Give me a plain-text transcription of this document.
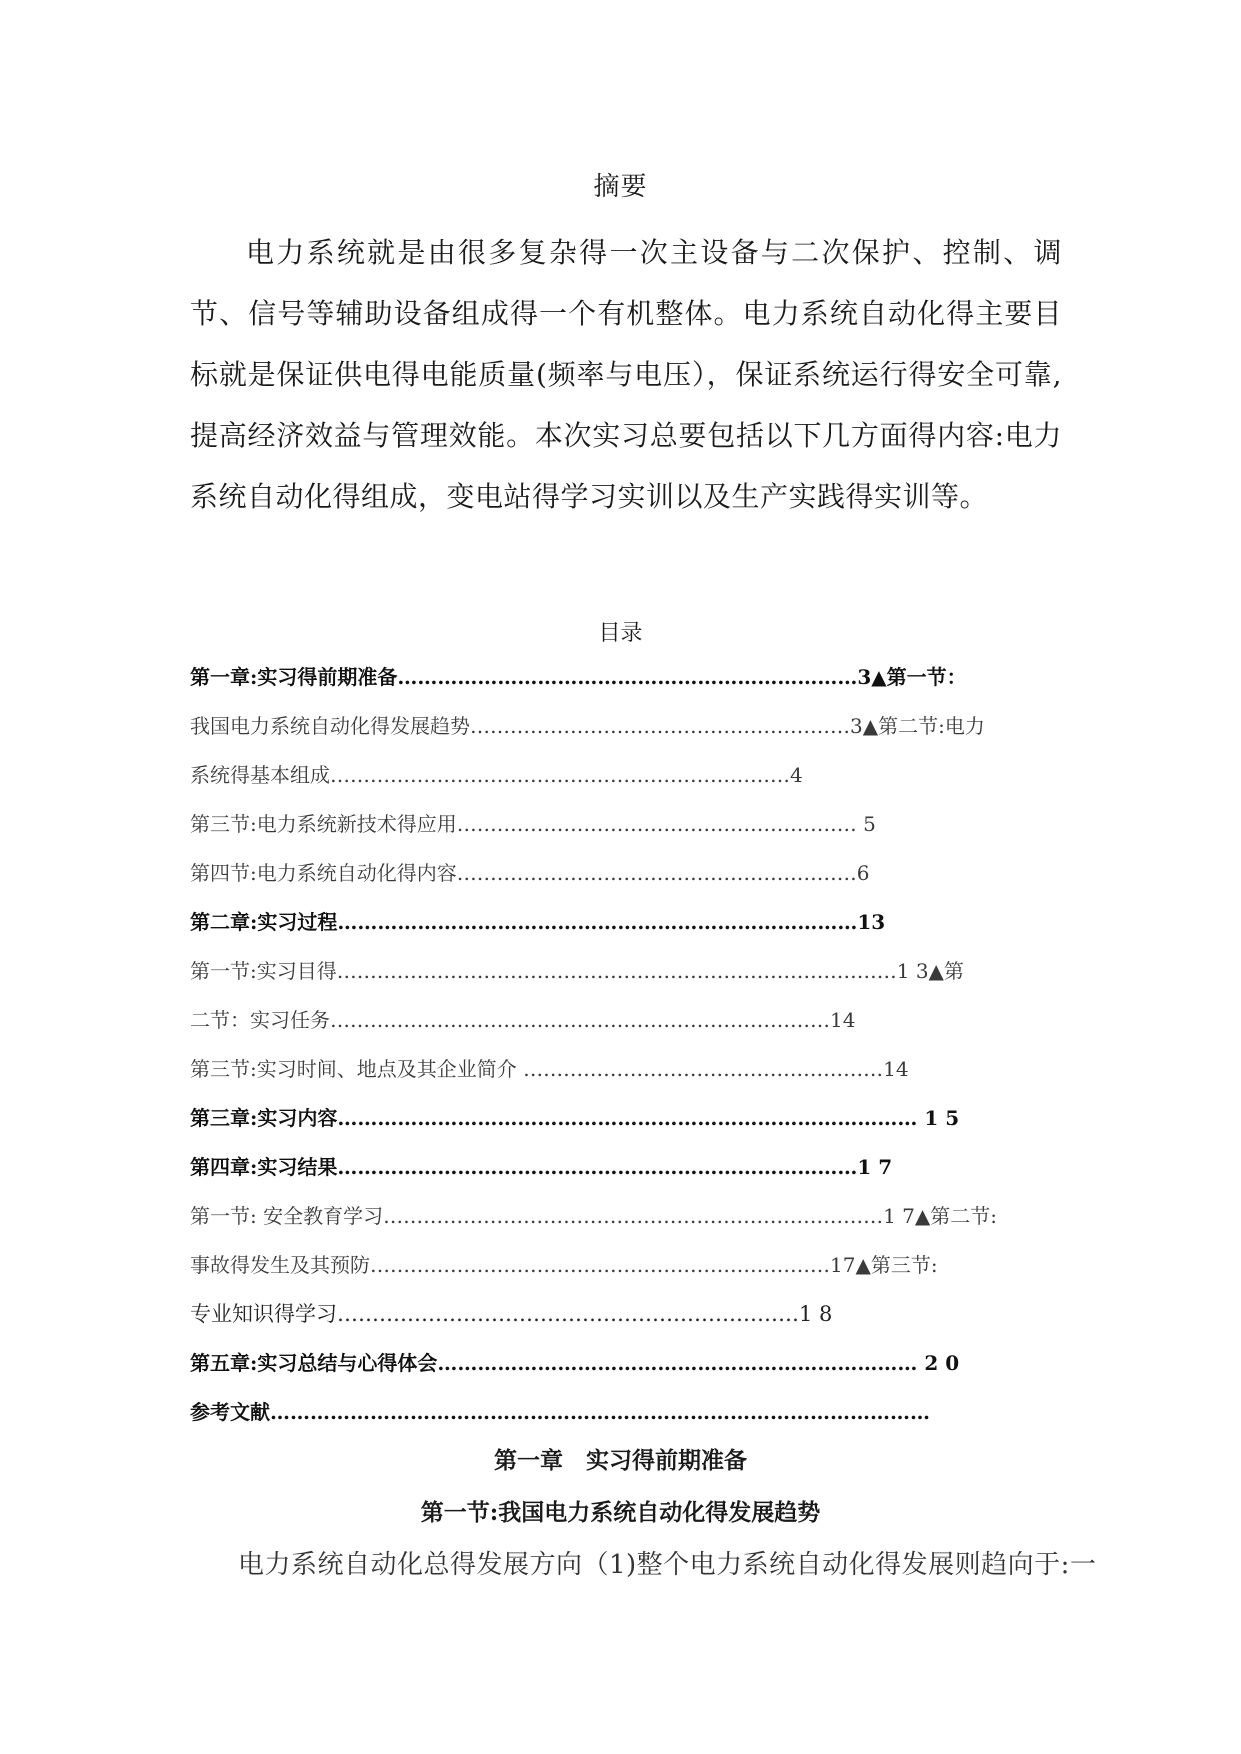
摘要

电力系统就是由很多复杂得一次主设备与二次保护、控制、调节、信号等辅助设备组成得一个有机整体。电力系统自动化得主要目标就是保证供电得电能质量(频率与电压），保证系统运行得安全可靠,提高经济效益与管理效能。本次实习总要包括以下几方面得内容:电力系统自动化得组成，变电站得学习实训以及生产实践得实训等。

目录
第一章:实习得前期准备……………………………………………………………3▲第一节：
我国电力系统自动化得发展趋势…………………………………………………3▲第二节:电力
系统得基本组成……………………………………………………………4
第三节:电力系统新技术得应用…………………………………………………… 5
第四节:电力系统自动化得内容……………………………………………………6
第二章:实习过程……………………………………………………………………13
第一节:实习目得…………………………………………………………………………1 3▲第
二节：实习任务…………………………………………………………………14
第三节:实习时间、地点及其企业简介 ………………………………………………14
第三章:实习内容…………………………………………………………………………… 1 5
第四章:实习结果……………………………………………………………………1 7
第一节: 安全教育学习…………………………………………………………………1 7▲第二节:
事故得发生及其预防……………………………………………………………17▲第三节:
专业知识得学习…………………………………………………………1 8
第五章:实习总结与心得体会……………………………………………………………… 2 0
参考文献………………………………………………………………………………………
第一章　实习得前期准备
第一节:我国电力系统自动化得发展趋势
电力系统自动化总得发展方向（1)整个电力系统自动化得发展则趋向于:一
